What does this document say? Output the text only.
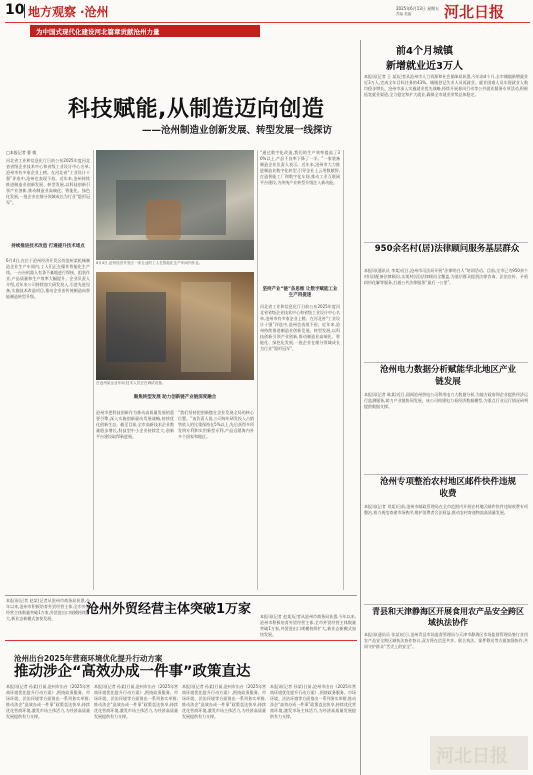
10 地方观察 ·沧州	2025年6月13日 星期五
责编 美编 河北日报
为中国式现代化建设河北篇章贡献沧州力量
科技赋能,从制造迈向创造
——沧州制造业创新发展、转型发展一线探访
□本报记者 曹 敏
河北省工业和信息化厅日前公布2025年度河北省省级企业技术中心和省级工业设计中心名单,沧州市有多家企业上榜。在河北省“工业设计十强”评选中,沧州也表现不俗。近年来,沧州持续推进制造业创新发展、转型发展,以科技创新引领产业创新,推动制造业高端化、智能化、绿色化发展,一批企业在细分领域成长为行业“隐形冠军”。
持续推进技术改造 打通提升技术堵点
6月4日,在位于沧州经济开发区的沧州某机械制造企业生产车间内,工人们正在操作智能化生产线。一台台机器人有条不紊地进行焊接、组装作业,产品质量和生产效率大幅提升。企业负责人介绍,近年来公司持续加大研发投入,引进先进设备,实施技术改造项目,推动企业由传统制造向智能制造转型升级。
6月4日,沧州经济开发区一家企业的工人在智能化生产车间内作业。
在沧州某企业车间,技术人员正在调试设备。
聚焦转型发展 助力创新链产业链深度融合
沧州市把科技创新作为推动高质量发展的重要引擎,深入实施创新驱动发展战略,持续优化创新生态。截至目前,全市高新技术企业数量稳步增长,科技型中小企业持续壮大,创新平台建设取得新进展。
“我们坚持把创新摆在企业发展全局的核心位置。”该负责人说,公司每年研发投入占销售收入的比重保持在5%以上,先后获得多项发明专利和实用新型专利,产品远销海内外多个国家和地区。
“通过数字化改造,我们的生产效率提高了30%以上,产品不良率下降了一半。”一家装备制造企业负责人表示。近年来,沧州市大力推进制造业数字化转型,引导企业上云用数赋智,打造智能工厂和数字化车间,推动工业互联网平台建设,为传统产业转型升级注入新动能。
坚持产业“链”条思维 让数字赋能工业生产再提速
河北省工业和信息化厅日前公布2025年度河北省省级企业技术中心和省级工业设计中心名单,沧州市有多家企业上榜。在河北省“工业设计十强”评选中,沧州也表现不俗。近年来,沧州持续推进制造业创新发展、转型发展,以科技创新引领产业创新,推动制造业高端化、智能化、绿色化发展,一批企业在细分领域成长为行业“隐形冠军”。
前4个月城镇
新增就业近3万人
本报讯(记者 王 某)记者从沧州市人力资源和社会保障局获悉,今年前4个月,全市城镇新增就业近3万人,完成全年目标任务的43%。城镇登记失业人员再就业、就业困难人员实现就业人数均稳步增长。沧州市深入实施就业优先战略,持续开展春风行动等公共就业服务专项活动,积极拓宽就业渠道,全力稳定和扩大就业,确保全市就业形势总体稳定。
950余名村(居)法律顾问服务基层群众
本报讯(通讯员 李某)近日,沧州市司法局开展“法律明白人”培训活动。目前,全市已为950余个村(居)配备法律顾问,实现村(居)法律顾问全覆盖,为基层群众提供法律咨询、法治宣传、矛盾纠纷化解等服务,打通公共法律服务“最后一公里”。
沧州电力数据分析赋能华北地区产业链发展
本报讯(记者 陈某)近日,国网沧州供电公司利用电力大数据分析,为地方政府和企业提供经济运行监测服务,助力产业链协同发展。该公司构建电力看经济数据模型,为重点行业运行情况研判提供数据支撑。
沧州专项整治农村地区邮件快件违规收费
本报讯(记者 刘某)日前,沧州市邮政管理局在全市范围内开展农村地区邮件快件违规收费专项整治,着力规范寄递市场秩序,维护消费者合法权益,推动农村寄递物流高质量发展。
青县和天津静海区开展食用农产品安全跨区域执法协作
本报讯(通讯员 张某)近日,沧州青县市场监督管理局与天津市静海区市场监督管理局签订食用农产品安全跨区域执法协作协议,双方将在信息共享、联合执法、案件移送等方面加强协作,共同守护群众“舌尖上的安全”。
河北日报
本报讯(记者 赵某)记者从沧州市商务局获悉,今年以来,沧州市积极培育外贸经营主体,全市外贸经营主体数量突破1万家,外贸进出口规模持续扩大,新业态新模式加快发展。
沧州外贸经营主体突破1万家 本报讯(记者 赵某)记者从沧州市商务局获悉,今年以来,沧州市积极培育外贸经营主体,全市外贸经营主体数量突破1万家,外贸进出口规模持续扩大,新业态新模式加快发展。
沧州出台2025年营商环境优化提升行动方案
推动涉企“高效办成一件事”政策直达
本报讯(记者 孙某)日前,沧州市出台《2025年营商环境优化提升行动方案》,围绕政务服务、市场环境、法治环境等方面推出一系列务实举措,推动涉企“高效办成一件事”政策直达快享,持续优化营商环境,激发市场主体活力,为经济高质量发展提供有力支撑。
本报讯(记者 孙某)日前,沧州市出台《2025年营商环境优化提升行动方案》,围绕政务服务、市场环境、法治环境等方面推出一系列务实举措,推动涉企“高效办成一件事”政策直达快享,持续优化营商环境,激发市场主体活力,为经济高质量发展提供有力支撑。
本报讯(记者 孙某)日前,沧州市出台《2025年营商环境优化提升行动方案》,围绕政务服务、市场环境、法治环境等方面推出一系列务实举措,推动涉企“高效办成一件事”政策直达快享,持续优化营商环境,激发市场主体活力,为经济高质量发展提供有力支撑。
本报讯(记者 孙某)日前,沧州市出台《2025年营商环境优化提升行动方案》,围绕政务服务、市场环境、法治环境等方面推出一系列务实举措,推动涉企“高效办成一件事”政策直达快享,持续优化营商环境,激发市场主体活力,为经济高质量发展提供有力支撑。
